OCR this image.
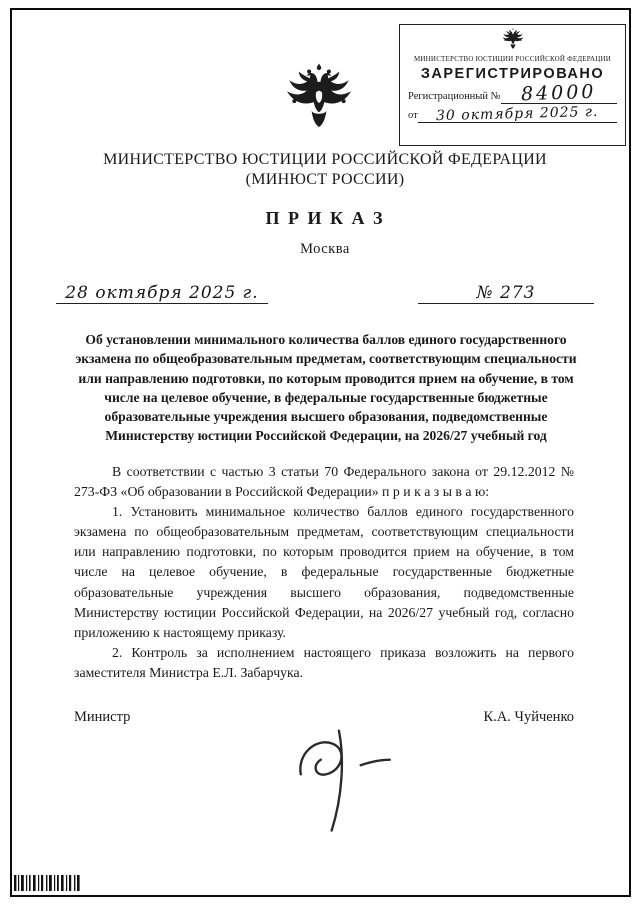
МИНИСТЕРСТВО ЮСТИЦИИ РОССИЙСКОЙ ФЕДЕРАЦИИ
ЗАРЕГИСТРИРОВАНО
Регистрационный №	84000
от	30 октября 2025 г.
МИНИСТЕРСТВО ЮСТИЦИИ РОССИЙСКОЙ ФЕДЕРАЦИИ
(МИНЮСТ РОССИИ)
П Р И К А З
Москва
28 октября 2025 г.	№ 273
Об установлении минимального количества баллов единого государственного экзамена по общеобразовательным предметам, соответствующим специальности или направлению подготовки, по которым проводится прием на обучение, в том числе на целевое обучение, в федеральные государственные бюджетные образовательные учреждения высшего образования, подведомственные Министерству юстиции Российской Федерации, на 2026/27 учебный год

В соответствии с частью 3 статьи 70 Федерального закона от 29.12.2012 № 273-ФЗ «Об образовании в Российской Федерации» п р и к а з ы в а ю:

1. Установить минимальное количество баллов единого государственного экзамена по общеобразовательным предметам, соответствующим специальности или направлению подготовки, по которым проводится прием на обучение, в том числе на целевое обучение, в федеральные государственные бюджетные образовательные учреждения высшего образования, подведомственные Министерству юстиции Российской Федерации, на 2026/27 учебный год, согласно приложению к настоящему приказу.

2. Контроль за исполнением настоящего приказа возложить на первого заместителя Министра Е.Л. Забарчука.

Министр	К.А. Чуйченко
